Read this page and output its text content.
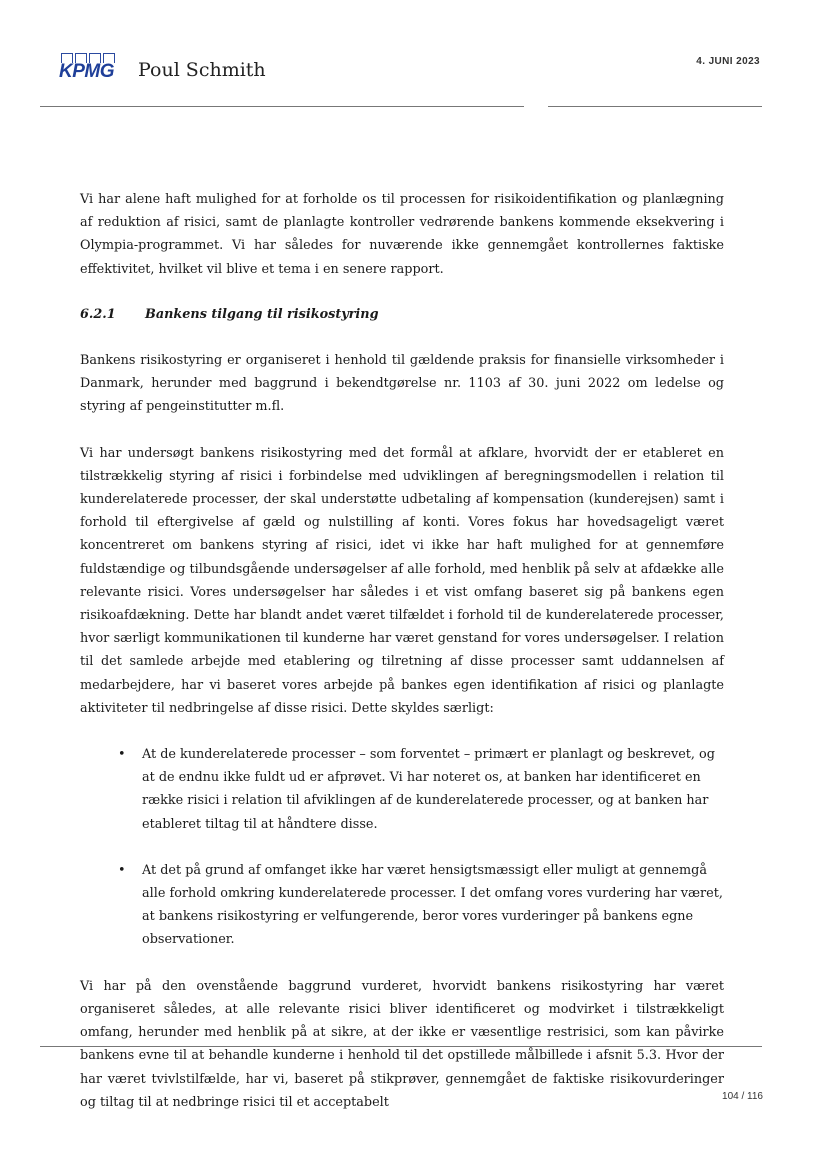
KPMG Poul Schmith	4. JUNI 2023

Vi har alene haft mulighed for at forholde os til processen for risikoidentifikation og planlægning af reduktion af risici, samt de planlagte kontroller vedrørende bankens kommende eksekvering i Olympia-programmet. Vi har således for nuværende ikke gennemgået kontrollernes faktiske effektivitet, hvilket vil blive et tema i en senere rapport.

6.2.1	Bankens tilgang til risikostyring

Bankens risikostyring er organiseret i henhold til gældende praksis for finansielle virksomheder i Danmark, herunder med baggrund i bekendtgørelse nr. 1103 af 30. juni 2022 om ledelse og styring af pengeinstitutter m.fl.

Vi har undersøgt bankens risikostyring med det formål at afklare, hvorvidt der er etableret en tilstrækkelig styring af risici i forbindelse med udviklingen af beregningsmodellen i relation til kunderelaterede processer, der skal understøtte udbetaling af kompensation (kunderejsen) samt i forhold til eftergivelse af gæld og nulstilling af konti. Vores fokus har hovedsageligt været koncentreret om bankens styring af risici, idet vi ikke har haft mulighed for at gennemføre fuldstændige og tilbundsgående undersøgelser af alle forhold, med henblik på selv at afdække alle relevante risici. Vores undersøgelser har således i et vist omfang baseret sig på bankens egen risikoafdækning. Dette har blandt andet været tilfældet i forhold til de kunderelaterede processer, hvor særligt kommunikationen til kunderne har været genstand for vores undersøgelser. I relation til det samlede arbejde med etablering og tilretning af disse processer samt uddannelsen af medarbejdere, har vi baseret vores arbejde på bankes egen identifikation af risici og planlagte aktiviteter til nedbringelse af disse risici. Dette skyldes særligt:

• At de kunderelaterede processer – som forventet – primært er planlagt og beskrevet, og at de endnu ikke fuldt ud er afprøvet. Vi har noteret os, at banken har identificeret en række risici i relation til afviklingen af de kunderelaterede processer, og at banken har etableret tiltag til at håndtere disse.
• At det på grund af omfanget ikke har været hensigtsmæssigt eller muligt at gennemgå alle forhold omkring kunderelaterede processer. I det omfang vores vurdering har været, at bankens risikostyring er velfungerende, beror vores vurderinger på bankens egne observationer.

Vi har på den ovenstående baggrund vurderet, hvorvidt bankens risikostyring har været organiseret således, at alle relevante risici bliver identificeret og modvirket i tilstrækkeligt omfang, herunder med henblik på at sikre, at der ikke er væsentlige restrisici, som kan påvirke bankens evne til at behandle kunderne i henhold til det opstillede målbillede i afsnit 5.3. Hvor der har været tvivlstilfælde, har vi, baseret på stikprøver, gennemgået de faktiske risikovurderinger og tiltag til at nedbringe risici til et acceptabelt	104 / 116
